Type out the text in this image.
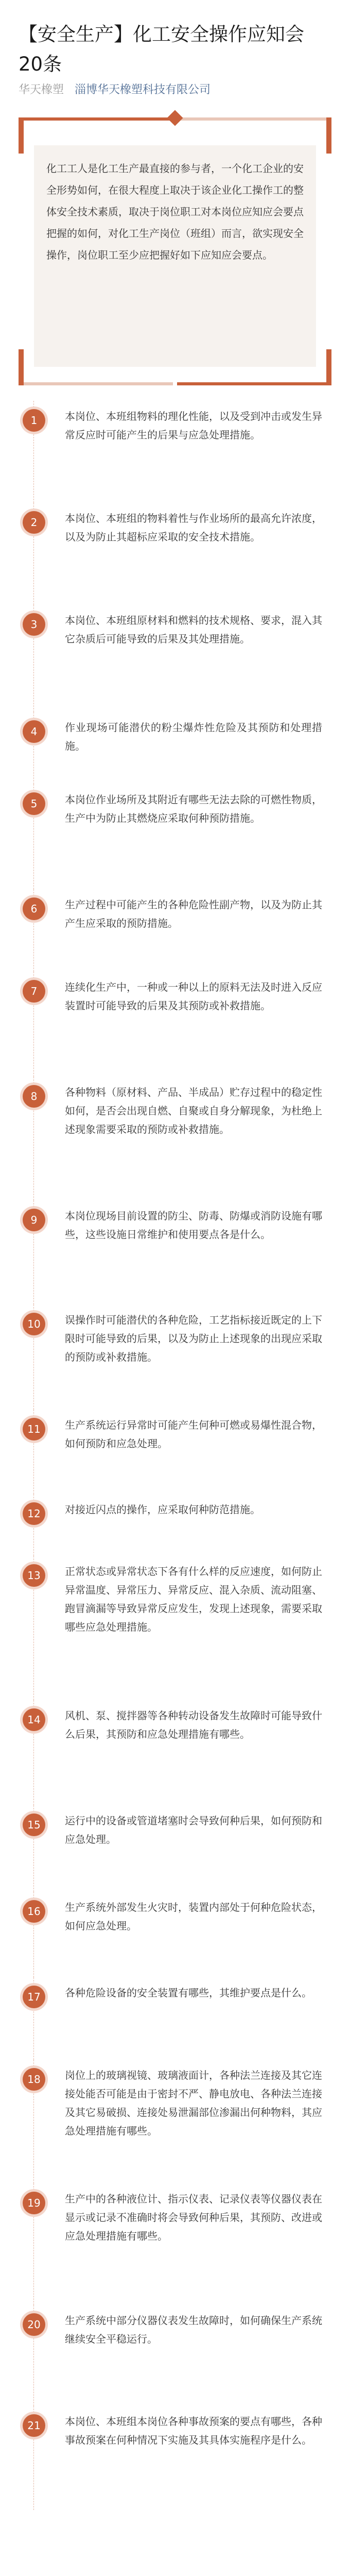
【安全生产】化工安全操作应知会20条
华天橡塑 淄博华天橡塑科技有限公司

化工工人是化工生产最直接的参与者，一个化工企业的安全形势如何，在很大程度上取决于该企业化工操作工的整体安全技术素质，取决于岗位职工对本岗位应知应会要点把握的如何，对化工生产岗位（班组）而言，欲实现安全操作，岗位职工至少应把握好如下应知应会要点。

1	本岗位、本班组物料的理化性能，以及受到冲击或发生异常反应时可能产生的后果与应急处理措施。

2	本岗位、本班组的物料着性与作业场所的最高允许浓度，以及为防止其超标应采取的安全技术措施。

3	本岗位、本班组原材料和燃料的技术规格、要求，混入其它杂质后可能导致的后果及其处理措施。

4	作业现场可能潜伏的粉尘爆炸性危险及其预防和处理措施。

5	本岗位作业场所及其附近有哪些无法去除的可燃性物质，生产中为防止其燃烧应采取何种预防措施。

6	生产过程中可能产生的各种危险性副产物，以及为防止其产生应采取的预防措施。

7	连续化生产中，一种或一种以上的原料无法及时进入反应装置时可能导致的后果及其预防或补救措施。

8	各种物料（原材料、产品、半成品）贮存过程中的稳定性如何，是否会出现自燃、自聚或自身分解现象，为杜绝上述现象需要采取的预防或补救措施。

9	本岗位现场目前设置的防尘、防毒、防爆或消防设施有哪些，这些设施日常维护和使用要点各是什么。

10	误操作时可能潜伏的各种危险，工艺指标接近既定的上下限时可能导致的后果，以及为防止上述现象的出现应采取的预防或补救措施。

11	生产系统运行异常时可能产生何种可燃或易爆性混合物，如何预防和应急处理。

12	对接近闪点的操作，应采取何种防范措施。

13	正常状态或异常状态下各有什么样的反应速度，如何防止异常温度、异常压力、异常反应、混入杂质、流动阻塞、跑冒滴漏等导致异常反应发生，发现上述现象，需要采取哪些应急处理措施。

14	风机、泵、搅拌器等各种转动设备发生故障时可能导致什么后果，其预防和应急处理措施有哪些。

15	运行中的设备或管道堵塞时会导致何种后果，如何预防和应急处理。

16	生产系统外部发生火灾时，装置内部处于何种危险状态，如何应急处理。

17	各种危险设备的安全装置有哪些，其维护要点是什么。

18	岗位上的玻璃视镜、玻璃液面计，各种法兰连接及其它连接处能否可能是由于密封不严、静电放电、各种法兰连接及其它易破损、连接处易泄漏部位渗漏出何种物料，其应急处理措施有哪些。

19	生产中的各种液位计、指示仪表、记录仪表等仪器仪表在显示或记录不准确时将会导致何种后果，其预防、改进或应急处理措施有哪些。

20	生产系统中部分仪器仪表发生故障时，如何确保生产系统继续安全平稳运行。

21	本岗位、本班组本岗位各种事故预案的要点有哪些，各种事故预案在何种情况下实施及其具体实施程序是什么。
